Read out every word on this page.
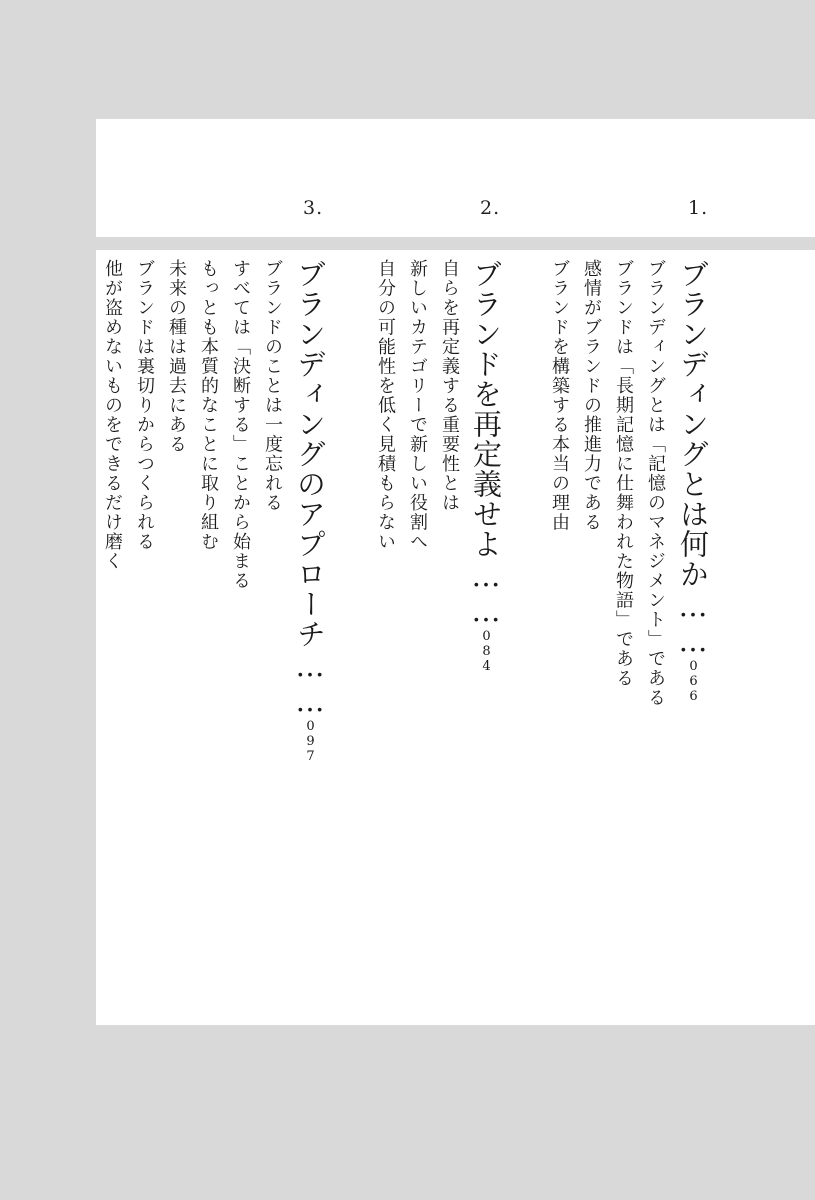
1.
2.
3.
ブランディングとは何か……066
ブランディングとは「記憶のマネジメント」である
ブランドは「長期記憶に仕舞われた物語」である
感情がブランドの推進力である
ブランドを構築する本当の理由
ブランドを再定義せよ……084
自らを再定義する重要性とは
新しいカテゴリーで新しい役割へ
自分の可能性を低く見積もらない
ブランディングのアプローチ……097
ブランドのことは一度忘れる
すべては「決断する」ことから始まる
もっとも本質的なことに取り組む
未来の種は過去にある
ブランドは裏切りからつくられる
他が盗めないものをできるだけ磨く
